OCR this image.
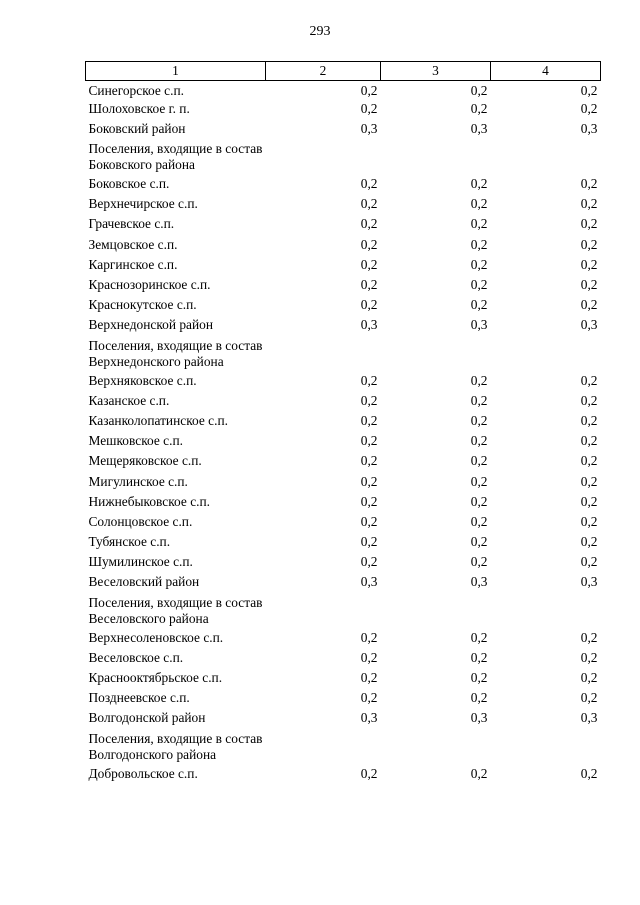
293
1	2	3	4
Синегорское с.п.	0,2	0,2	0,2
Шолоховское г. п.	0,2	0,2	0,2
Боковский район	0,3	0,3	0,3
Поселения, входящие в состав Боковского района			
Боковское с.п.	0,2	0,2	0,2
Верхнечирское с.п.	0,2	0,2	0,2
Грачевское с.п.	0,2	0,2	0,2
Земцовское с.п.	0,2	0,2	0,2
Каргинское с.п.	0,2	0,2	0,2
Краснозоринское с.п.	0,2	0,2	0,2
Краснокутское с.п.	0,2	0,2	0,2
Верхнедонской район	0,3	0,3	0,3
Поселения, входящие в состав Верхнедонского района			
Верхняковское с.п.	0,2	0,2	0,2
Казанское с.п.	0,2	0,2	0,2
Казанколопатинское с.п.	0,2	0,2	0,2
Мешковское с.п.	0,2	0,2	0,2
Мещеряковское с.п.	0,2	0,2	0,2
Мигулинское с.п.	0,2	0,2	0,2
Нижнебыковское с.п.	0,2	0,2	0,2
Солонцовское с.п.	0,2	0,2	0,2
Тубянское с.п.	0,2	0,2	0,2
Шумилинское с.п.	0,2	0,2	0,2
Веселовский район	0,3	0,3	0,3
Поселения, входящие в состав Веселовского района			
Верхнесоленовское с.п.	0,2	0,2	0,2
Веселовское с.п.	0,2	0,2	0,2
Краснооктябрьское с.п.	0,2	0,2	0,2
Позднеевское с.п.	0,2	0,2	0,2
Волгодонской район	0,3	0,3	0,3
Поселения, входящие в состав Волгодонского района			
Добровольское с.п.	0,2	0,2	0,2
